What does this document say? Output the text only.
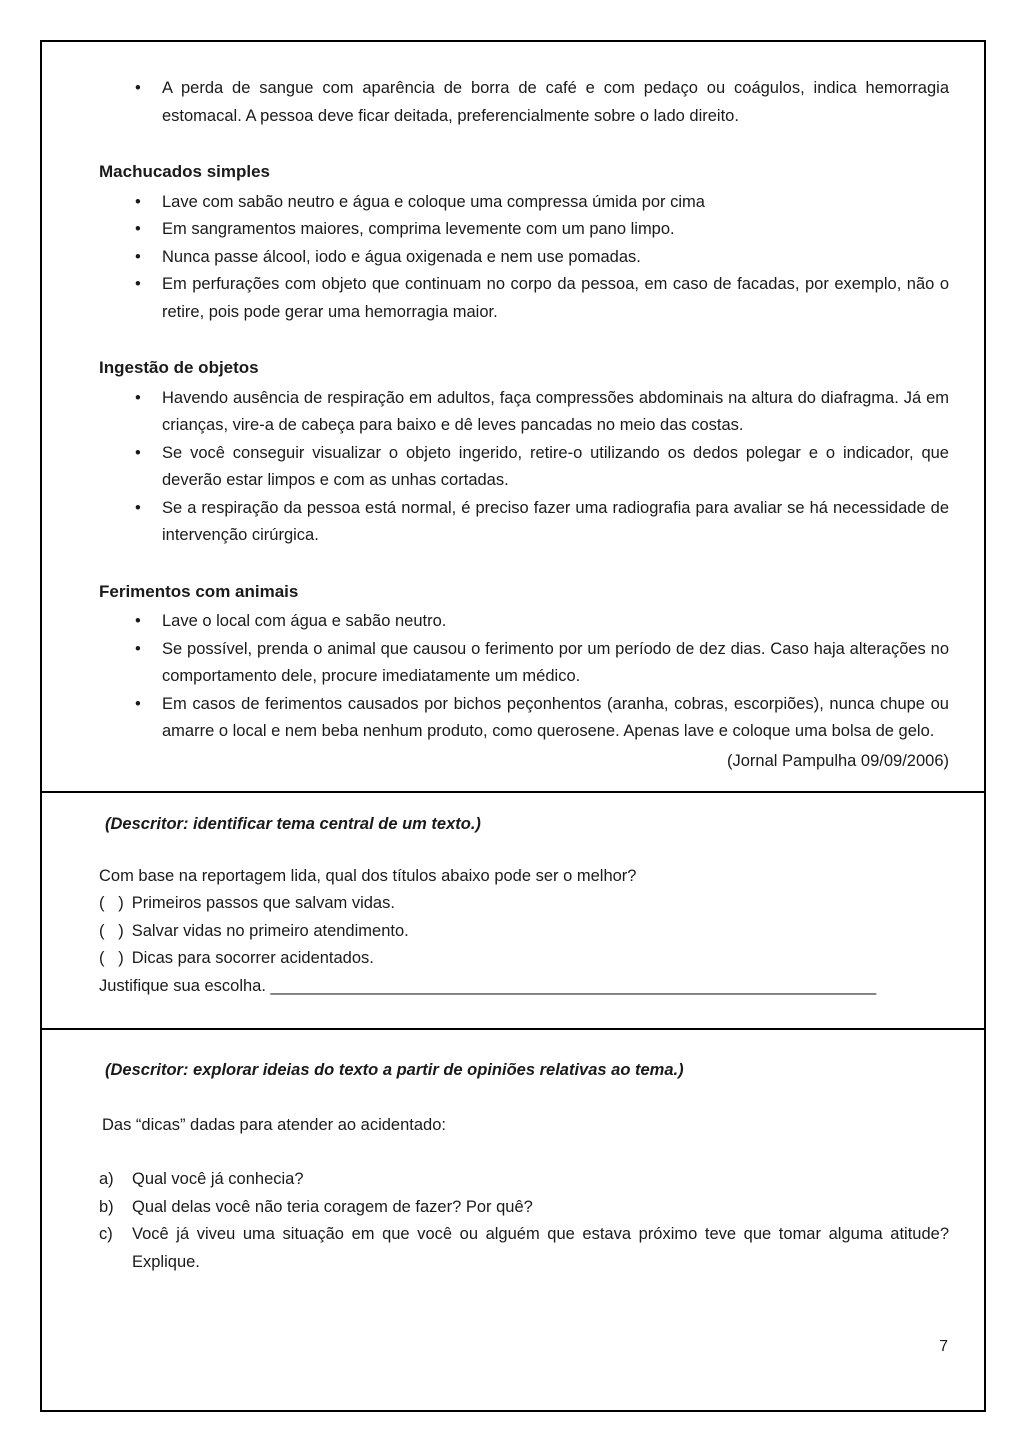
• A perda de sangue com aparência de borra de café e com pedaço ou coágulos, indica hemorragia estomacal. A pessoa deve ficar deitada, preferencialmente sobre o lado direito.
Machucados simples
• Lave com sabão neutro e água e coloque uma compressa úmida por cima
• Em sangramentos maiores, comprima levemente com um pano limpo.
• Nunca passe álcool, iodo e água oxigenada e nem use pomadas.
• Em perfurações com objeto que continuam no corpo da pessoa, em caso de facadas, por exemplo, não o retire, pois pode gerar uma hemorragia maior.
Ingestão de objetos
• Havendo ausência de respiração em adultos, faça compressões abdominais na altura do diafragma. Já em crianças, vire-a de cabeça para baixo e dê leves pancadas no meio das costas.
• Se você conseguir visualizar o objeto ingerido, retire-o utilizando os dedos polegar e o indicador, que deverão estar limpos e com as unhas cortadas.
• Se a respiração da pessoa está normal, é preciso fazer uma radiografia para avaliar se há necessidade de intervenção cirúrgica.
Ferimentos com animais
• Lave o local com água e sabão neutro.
• Se possível, prenda o animal que causou o ferimento por um período de dez dias. Caso haja alterações no comportamento dele, procure imediatamente um médico.
• Em casos de ferimentos causados por bichos peçonhentos (aranha, cobras, escorpiões), nunca chupe ou amarre o local e nem beba nenhum produto, como querosene. Apenas lave e coloque uma bolsa de gelo.

(Jornal Pampulha 09/09/2006)

(Descritor: identificar tema central de um texto.)

Com base na reportagem lida, qual dos títulos abaixo pode ser o melhor?

(   ) Primeiros passos que salvam vidas.
(   ) Salvar vidas no primeiro atendimento.
(   ) Dicas para socorrer acidentados.

Justifique sua escolha. __________________________________________________________________

(Descritor: explorar ideias do texto a partir de opiniões relativas ao tema.)

Das “dicas” dadas para atender ao acidentado:

a) Qual você já conhecia?
b) Qual delas você não teria coragem de fazer? Por quê?
c) Você já viveu uma situação em que você ou alguém que estava próximo teve que tomar alguma atitude? Explique.

7
